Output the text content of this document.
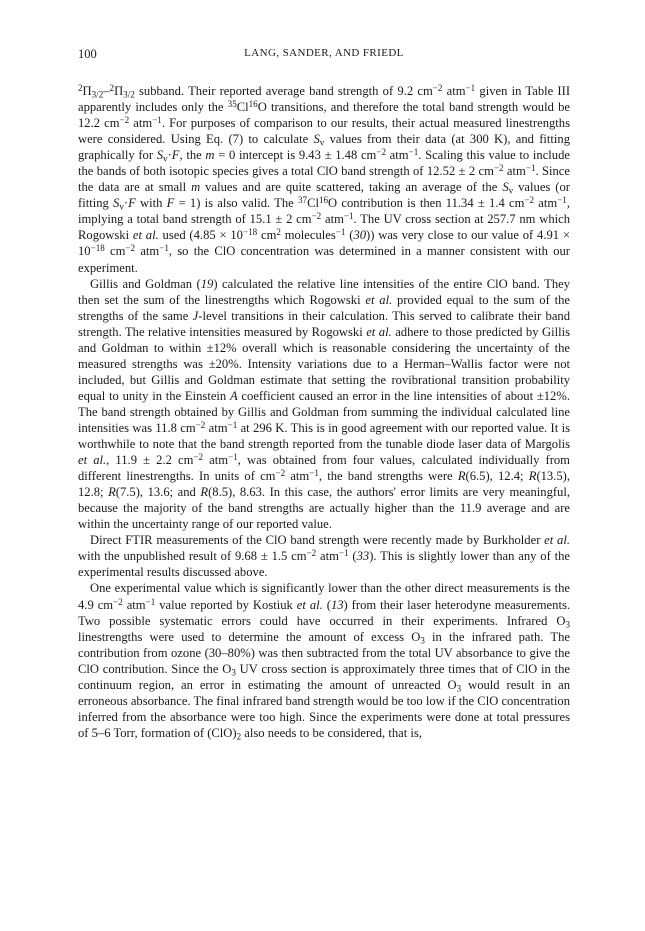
100	LANG, SANDER, AND FRIEDL

$^2\Pi_{3/2}-^2\Pi_{3/2}$ subband. Their reported average band strength of 9.2 $cm^{-2}$ atm$^{-1}$ given in Table III apparently includes only the $^{35}$Cl$^{16}$O transitions, and therefore the total band strength would be 12.2 $cm^{-2}$ atm$^{-1}$. For purposes of comparison to our results, their actual measured linestrengths were considered. Using Eq. (7) to calculate $S_v$ values from their data (at 300 K), and fitting graphically for $S_v\cdot F$, the m = 0 intercept is 9.43 ± 1.48 $cm^{-2}$ atm$^{-1}$. Scaling this value to include the bands of both isotopic species gives a total ClO band strength of 12.52 ± 2 $cm^{-2}$ atm$^{-1}$. Since the data are at small m values and are quite scattered, taking an average of the $S_v$ values (or fitting $S_v\cdot F$ with F = 1) is also valid. The $^{37}$Cl$^{16}$O contribution is then 11.34 ± 1.4 $cm^{-2}$ atm$^{-1}$, implying a total band strength of 15.1 ± 2 $cm^{-2}$ atm$^{-1}$. The UV cross section at 257.7 nm which Rogowski et al. used ($4.85 \times 10^{-18}$ $cm^2$ molecules$^{-1}$ (30)) was very close to our value of $4.91 \times 10^{-18}$ $cm^{-2}$ atm$^{-1}$, so the ClO concentration was determined in a manner consistent with our experiment.

Gillis and Goldman (19) calculated the relative line intensities of the entire ClO band. They then set the sum of the linestrengths which Rogowski et al. provided equal to the sum of the strengths of the same J-level transitions in their calculation. This served to calibrate their band strength. The relative intensities measured by Rogowski et al. adhere to those predicted by Gillis and Goldman to within ±12% overall which is reasonable considering the uncertainty of the measured strengths was ±20%. Intensity variations due to a Herman–Wallis factor were not included, but Gillis and Goldman estimate that setting the rovibrational transition probability equal to unity in the Einstein A coefficient caused an error in the line intensities of about ±12%. The band strength obtained by Gillis and Goldman from summing the individual calculated line intensities was 11.8 $cm^{-2}$ atm$^{-1}$ at 296 K. This is in good agreement with our reported value. It is worthwhile to note that the band strength reported from the tunable diode laser data of Margolis et al., 11.9 ± 2.2 $cm^{-2}$ atm$^{-1}$, was obtained from four values, calculated individually from different linestrengths. In units of $cm^{-2}$ atm$^{-1}$, the band strengths were R(6.5), 12.4; R(13.5), 12.8; R(7.5), 13.6; and R(8.5), 8.63. In this case, the authors' error limits are very meaningful, because the majority of the band strengths are actually higher than the 11.9 average and are within the uncertainty range of our reported value.

Direct FTIR measurements of the ClO band strength were recently made by Burkholder et al. with the unpublished result of 9.68 ± 1.5 $cm^{-2}$ atm$^{-1}$ (33). This is slightly lower than any of the experimental results discussed above.

One experimental value which is significantly lower than the other direct measurements is the 4.9 $cm^{-2}$ atm$^{-1}$ value reported by Kostiuk et al. (13) from their laser heterodyne measurements. Two possible systematic errors could have occurred in their experiments. Infrared $O_3$ linestrengths were used to determine the amount of excess $O_3$ in the infrared path. The contribution from ozone (30–80%) was then subtracted from the total UV absorbance to give the ClO contribution. Since the $O_3$ UV cross section is approximately three times that of ClO in the continuum region, an error in estimating the amount of unreacted $O_3$ would result in an erroneous absorbance. The final infrared band strength would be too low if the ClO concentration inferred from the absorbance were too high. Since the experiments were done at total pressures of 5–6 Torr, formation of $(ClO)_2$ also needs to be considered, that is,
